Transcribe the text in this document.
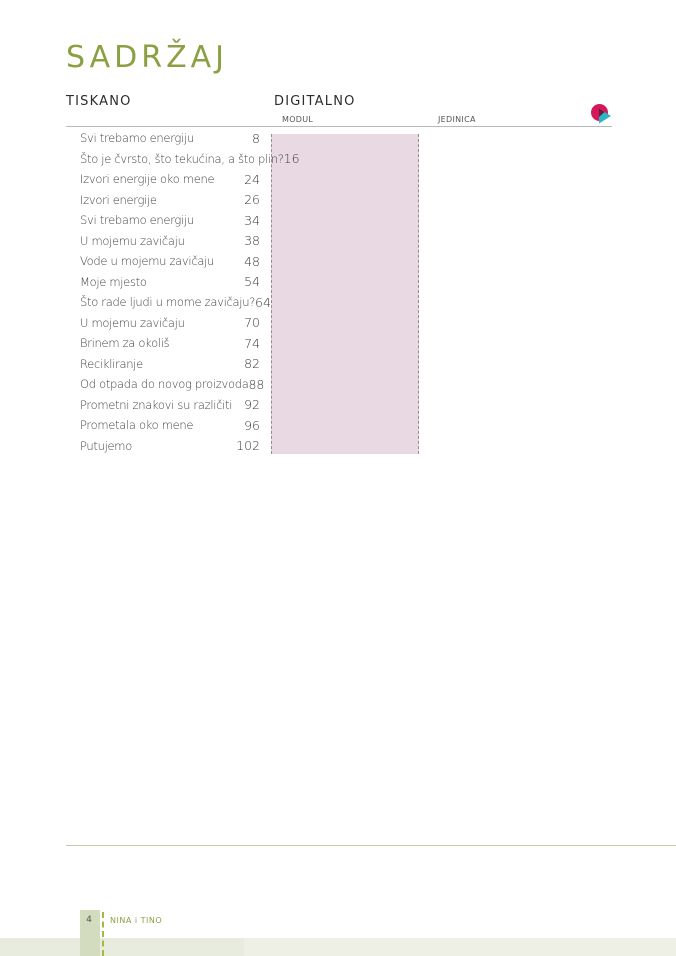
SADRŽAJ
TISKANO	DIGITALNO
MODUL	JEDINICA
Svi trebamo energiju	8
Što je čvrsto, što tekućina, a što plin? 16
Izvori energije oko mene	24
Izvori energije	26
Svi trebamo energiju	34
U mojemu zavičaju	38
Vode u mojemu zavičaju	48
Moje mjesto	54
Što rade ljudi u mome zavičaju? 64
U mojemu zavičaju	70
Brinem za okoliš	74
Recikliranje	82
Od otpada do novog proizvoda 88
Prometni znakovi su različiti 92
Prometala oko mene	96
Putujemo	102
4	NINA i TINO
